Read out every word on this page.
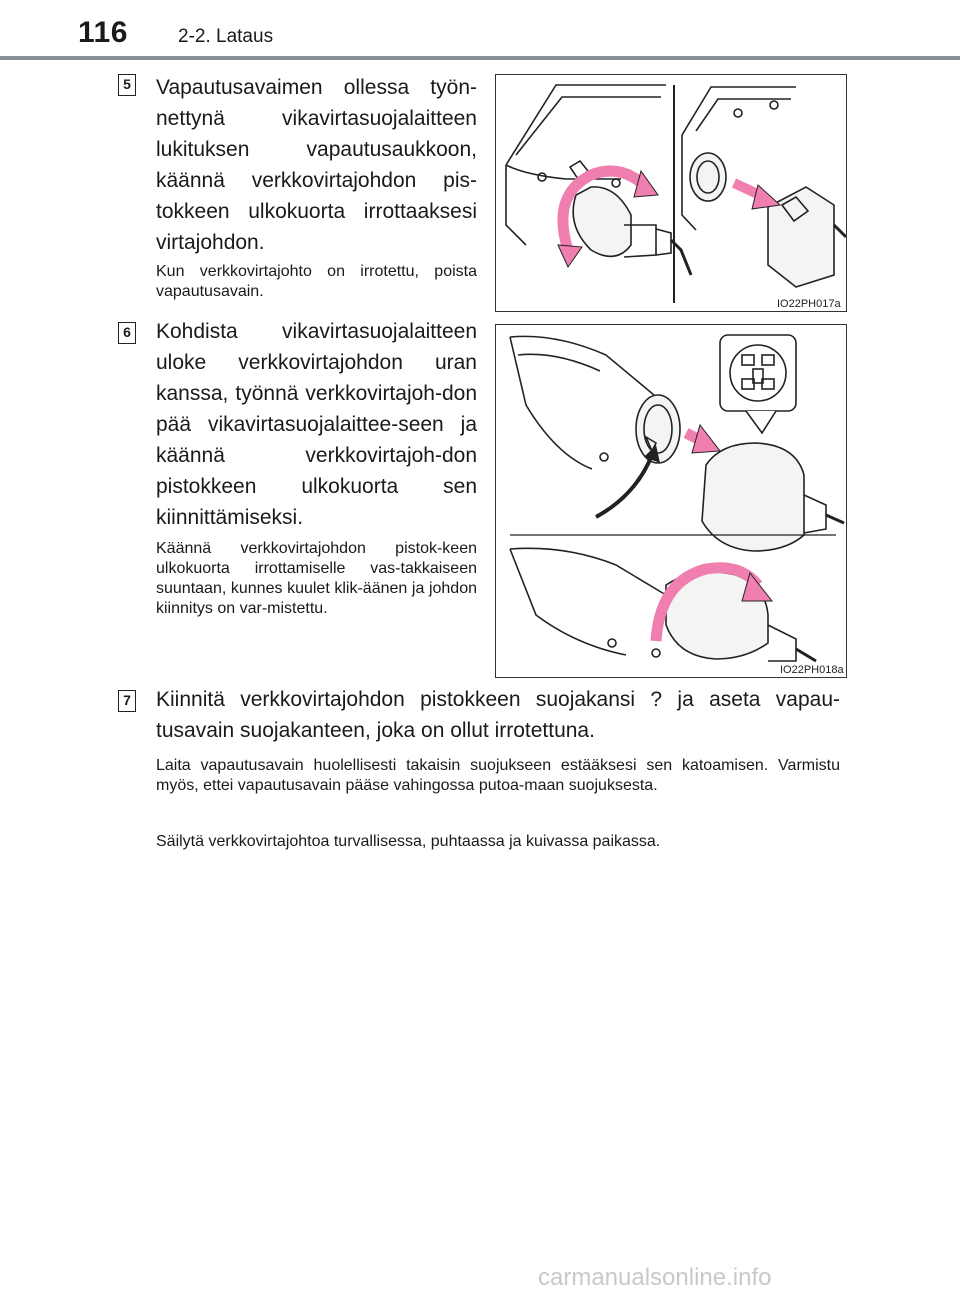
116	2-2. Lataus
5 Vapautusavaimen ollessa työn-nettynä vikavirtasuojalaitteen lukituksen vapautusaukkoon, käännä verkkovirtajohdon pis-tokkeen ulkokuorta irrottaaksesi virtajohdon.
Kun verkkovirtajohto on irrotettu, poista vapautusavain.
IO22PH017a
6 Kohdista vikavirtasuojalaitteen uloke verkkovirtajohdon uran kanssa, työnnä verkkovirtajoh-don pää vikavirtasuojalaittee-seen ja käännä verkkovirtajoh-don pistokkeen ulkokuorta sen kiinnittämiseksi.
Käännä verkkovirtajohdon pistok-keen ulkokuorta irrottamiselle vas-takkaiseen suuntaan, kunnes kuulet klik-äänen ja johdon kiinnitys on var-mistettu.
IO22PH018a
7 Kiinnitä verkkovirtajohdon pistokkeen suojakansi ? ja aseta vapau-tusavain suojakanteen, joka on ollut irrotettuna.
Laita vapautusavain huolellisesti takaisin suojukseen estääksesi sen katoamisen. Varmistu myös, ettei vapautusavain pääse vahingossa putoa-maan suojuksesta.
Säilytä verkkovirtajohtoa turvallisessa, puhtaassa ja kuivassa paikassa.
carmanualsonline.info
